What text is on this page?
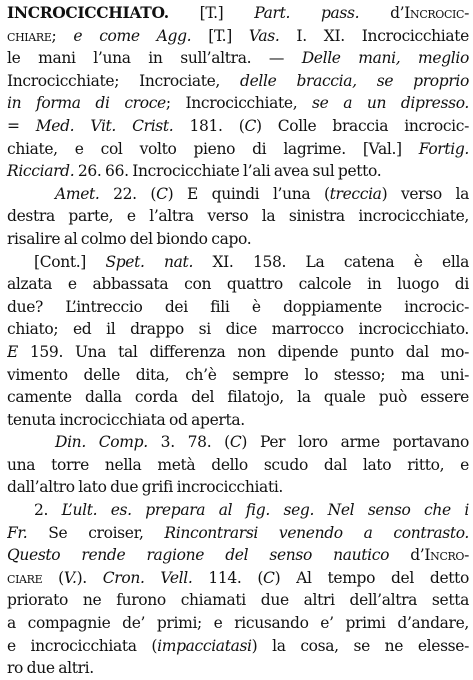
INCROCICCHIATO. [T.] Part. pass. d’Incrocic-
chiare; e come Agg. [T.] Vas. I. XI. Incrocicchiate
le mani l’una in sull’altra. — Delle mani, meglio
Incrocicchiate; Incrociate, delle braccia, se proprio
in forma di croce; Incrocicchiate, se a un dipresso.
= Med. Vit. Crist. 181. (C) Colle braccia incrocic-
chiate, e col volto pieno di lagrime. [Val.] Fortig.
Ricciard. 26. 66. Incrocicchiate l’ali avea sul petto.
Amet. 22. (C) E quindi l’una (treccia) verso la
destra parte, e l’altra verso la sinistra incrocicchiate,
risalire al colmo del biondo capo.
[Cont.] Spet. nat. XI. 158. La catena è ella
alzata e abbassata con quattro calcole in luogo di
due? L’intreccio dei fili è doppiamente incrocic-
chiato; ed il drappo si dice marrocco incrocicchiato.
E 159. Una tal differenza non dipende punto dal mo-
vimento delle dita, ch’è sempre lo stesso; ma uni-
camente dalla corda del filatojo, la quale può essere
tenuta incrocicchiata od aperta.
Din. Comp. 3. 78. (C) Per loro arme portavano
una torre nella metà dello scudo dal lato ritto, e
dall’altro lato due grifi incrocicchiati.
2. L’ult. es. prepara al fig. seg. Nel senso che i
Fr. Se croiser, Rincontrarsi venendo a contrasto.
Questo rende ragione del senso nautico d’Incro-
ciare (V.). Cron. Vell. 114. (C) Al tempo del detto
priorato ne furono chiamati due altri dell’altra setta
a compagnie de’ primi; e ricusando e’ primi d’andare,
e incrocicchiata (impacciatasi) la cosa, se ne elesse-
ro due altri.
